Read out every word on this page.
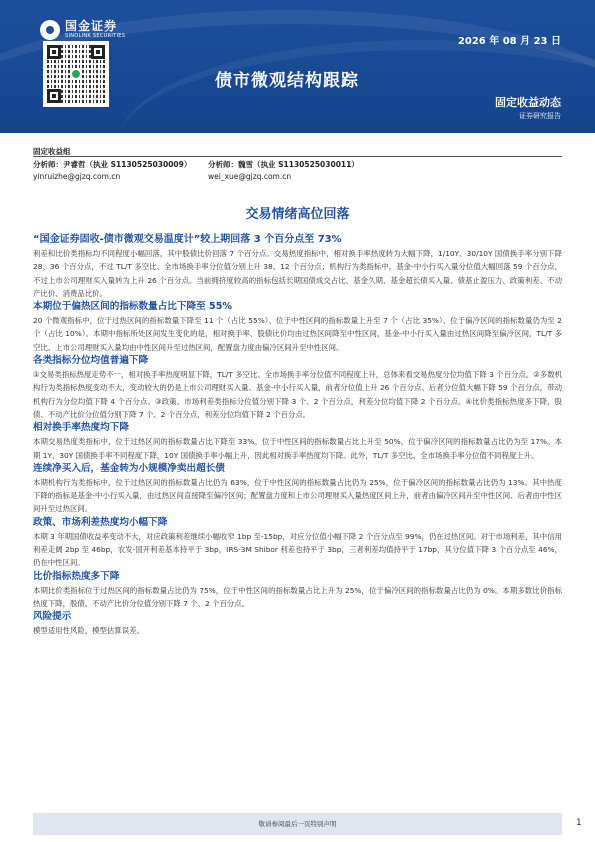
国金证券
SINOLINK SECURITIES	2026 年 08 月 23 日
债市微观结构跟踪
固定收益动态
证券研究报告
固定收益组
分析师：尹睿哲（执业 S1130525030009）
yinruizhe@gjzq.com.cn
分析师：魏雪（执业 S1130525030011）
wei_xue@gjzq.com.cn
交易情绪高位回落
“国金证券固收-债市微观交易温度计”较上期回落 3 个百分点至 73%
利差和比价类指标均不同程度小幅回落，其中股债比价回落 7 个百分点。交易热度指标中，相对换手率热度转为大幅下降，1/10Y、30/10Y 国债换手率分别下降 28、36 个百分点，不过 TL/T 多空比、全市场换手率分位值分别上升 38、12 个百分点；机构行为类指标中，基金-中小行买入量分位值大幅回落 59 个百分点，不过上市公司理财买入量转为上升 26 个百分点。当前拥挤度较高的指标包括长期国债成交占比、基金久期、基金超长债买入量、债基止盈压力、政策利差、不动产比价、消费品比价。
本期位于偏热区间的指标数量占比下降至 55%
20 个微观指标中，位于过热区间的指标数量下降至 11 个（占比 55%）、位于中性区间的指标数量上升至 7 个（占比 35%）、位于偏冷区间的指标数量仍为至 2 个（占比 10%）。本期中指标所处区间发生变化的是，相对换手率、股债比价均由过热区间降至中性区间，基金-中小行买入量由过热区间降至偏冷区间，TL/T 多空比、上市公司理财买入量均由中性区间升至过热区间，配置盘力度由偏冷区间升至中性区间。
各类指标分位均值普遍下降
①交易类指标热度走势不一，相对换手率热度明显下降，TL/T 多空比、全市场换手率分位值不同程度上升，总体来看交易热度分位均值下降 3 个百分点。②多数机构行为类指标热度变动不大，变动较大的仍是上市公司理财买入量、基金-中小行买入量，前者分位值上升 26 个百分点、后者分位值大幅下降 59 个百分点，带动机构行为分位均值下降 4 个百分点。③政策、市场利差类指标分位值分别下降 3 个、2 个百分点，利差分位均值下降 2 个百分点。④比价类指标热度多下降，股债、不动产比价分位值分别下降 7 个、2 个百分点，利差分位均值下降 2 个百分点。
相对换手率热度均下降
本期交易热度类指标中，位于过热区间的指标数量占比下降至 33%、位于中性区间的指标数量占比上升至 50%，位于偏冷区间的指标数量占比仍为至 17%。本期 1Y、30Y 国债换手率不同程度下降，10Y 国债换手率小幅上升，因此相对换手率热度均下降。此外，TL/T 多空比、全市场换手率分位值不同程度上升。
连续净买入后，基金转为小规模净卖出超长债
本期机构行为类指标中，位于过热区间的指标数量占比仍为 63%，位于中性区间的指标数量占比仍为 25%，位于偏冷区间的指标数量占比仍为 13%。其中热度下降的指标是基金-中小行买入量，由过热区间直接降至偏冷区间；配置盘力度和上市公司理财买入量热度区间上升，前者由偏冷区间升至中性区间、后者由中性区间升至过热区间。
政策、市场利差热度均小幅下降
本期 3 年期国债收益率变动不大，对应政策利差继续小幅收窄 1bp 至-15bp，对应分位值小幅下降 2 个百分点至 99%，仍在过热区间。对于市场利差，其中信用利差走阔 2bp 至 46bp，农发-国开利差基本持平于 3bp，IRS-3M Shibor 利差也持平于 3bp，三者利差均值持平于 17bp，其分位值下降 3 个百分点至 46%，仍在中性区间。
比价指标热度多下降
本期比价类指标位于过热区间的指标数量占比仍为 75%，位于中性区间的指标数量占比上升为 25%，位于偏冷区间的指标数量占比仍为 0%。本期多数比价指标热度下降，股债、不动产比价分位值分别下降 7 个、2 个百分点。
风险提示
模型适用性风险，模型估算误差。
敬请参阅最后一页特别声明	1
